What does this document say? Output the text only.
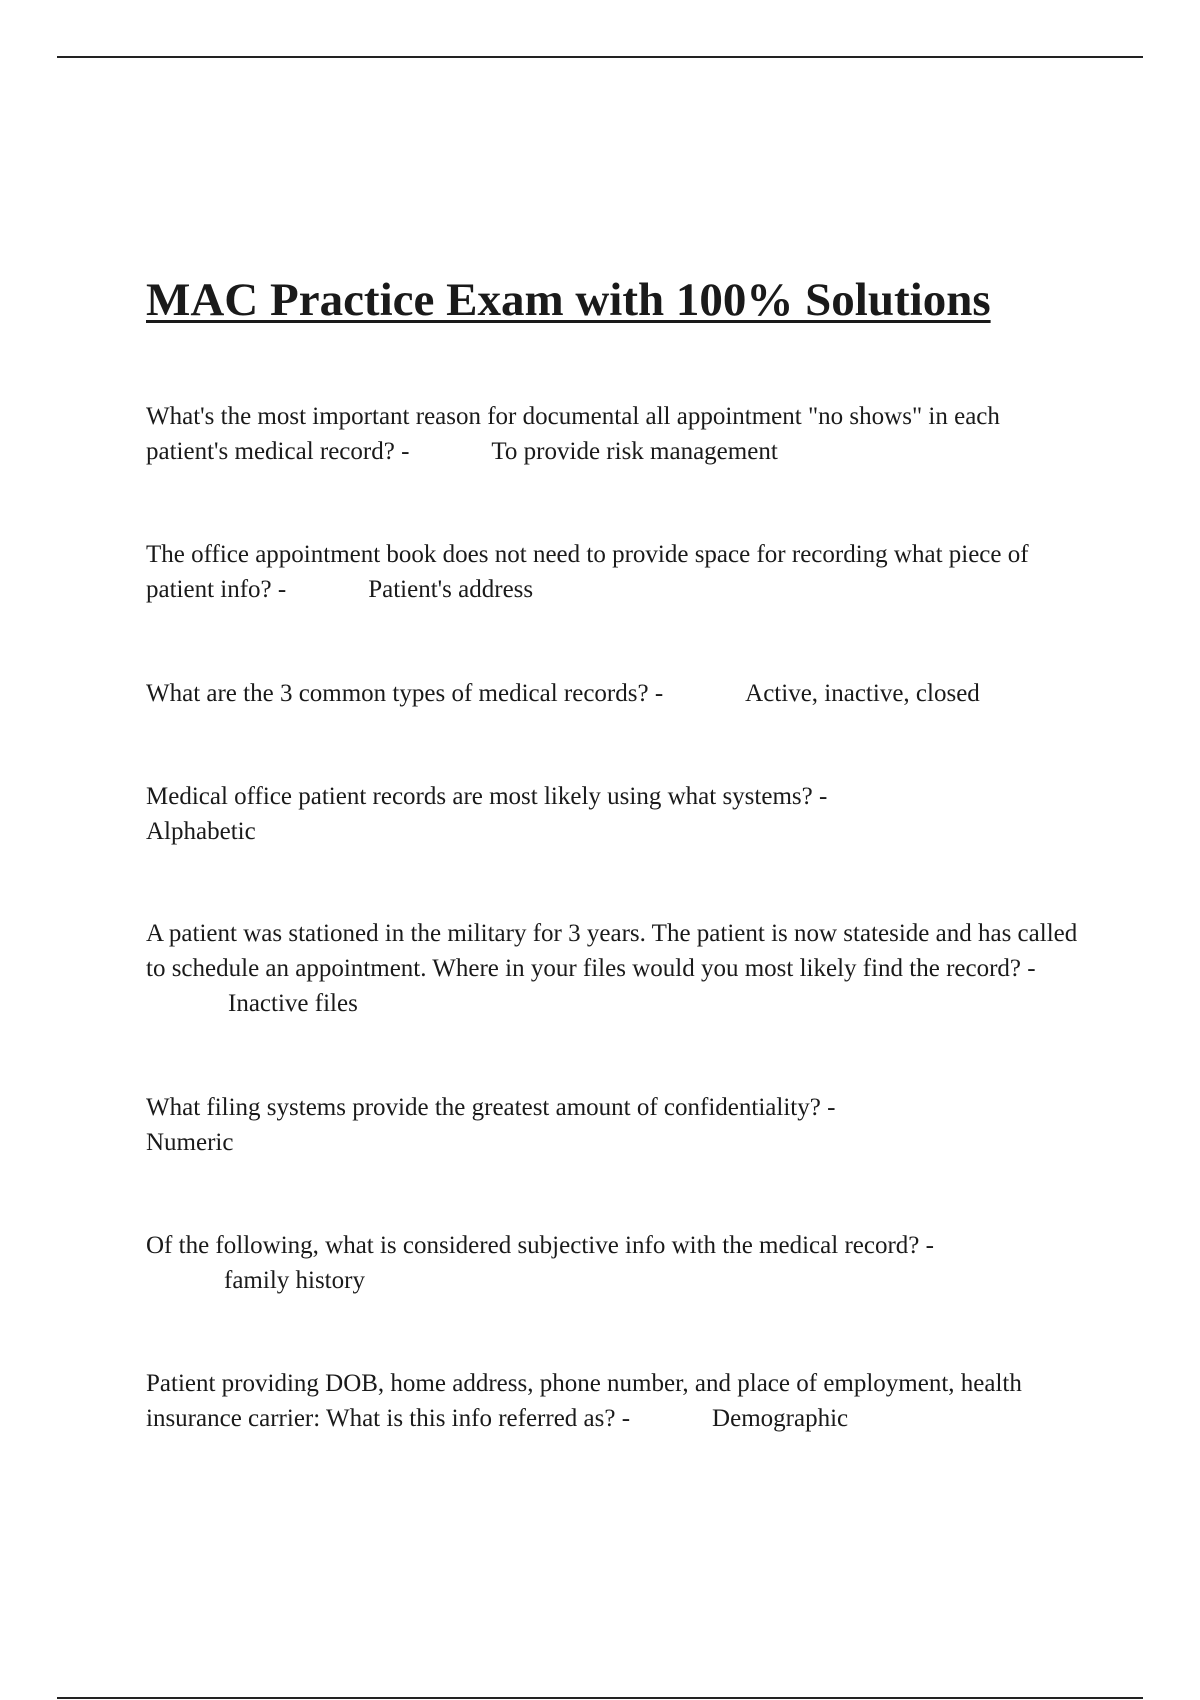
MAC Practice Exam with 100% Solutions

What's the most important reason for documental all appointment "no shows" in each patient's medical record? -	To provide risk management

The office appointment book does not need to provide space for recording what piece of patient info? -	Patient's address

What are the 3 common types of medical records? -	Active, inactive, closed

Medical office patient records are most likely using what systems? -
Alphabetic

A patient was stationed in the military for 3 years. The patient is now stateside and has called to schedule an appointment. Where in your files would you most likely find the record? -Inactive files

What filing systems provide the greatest amount of confidentiality? -
Numeric

Of the following, what is considered subjective info with the medical record? -
family history

Patient providing DOB, home address, phone number, and place of employment, health insurance carrier: What is this info referred as? -	Demographic
